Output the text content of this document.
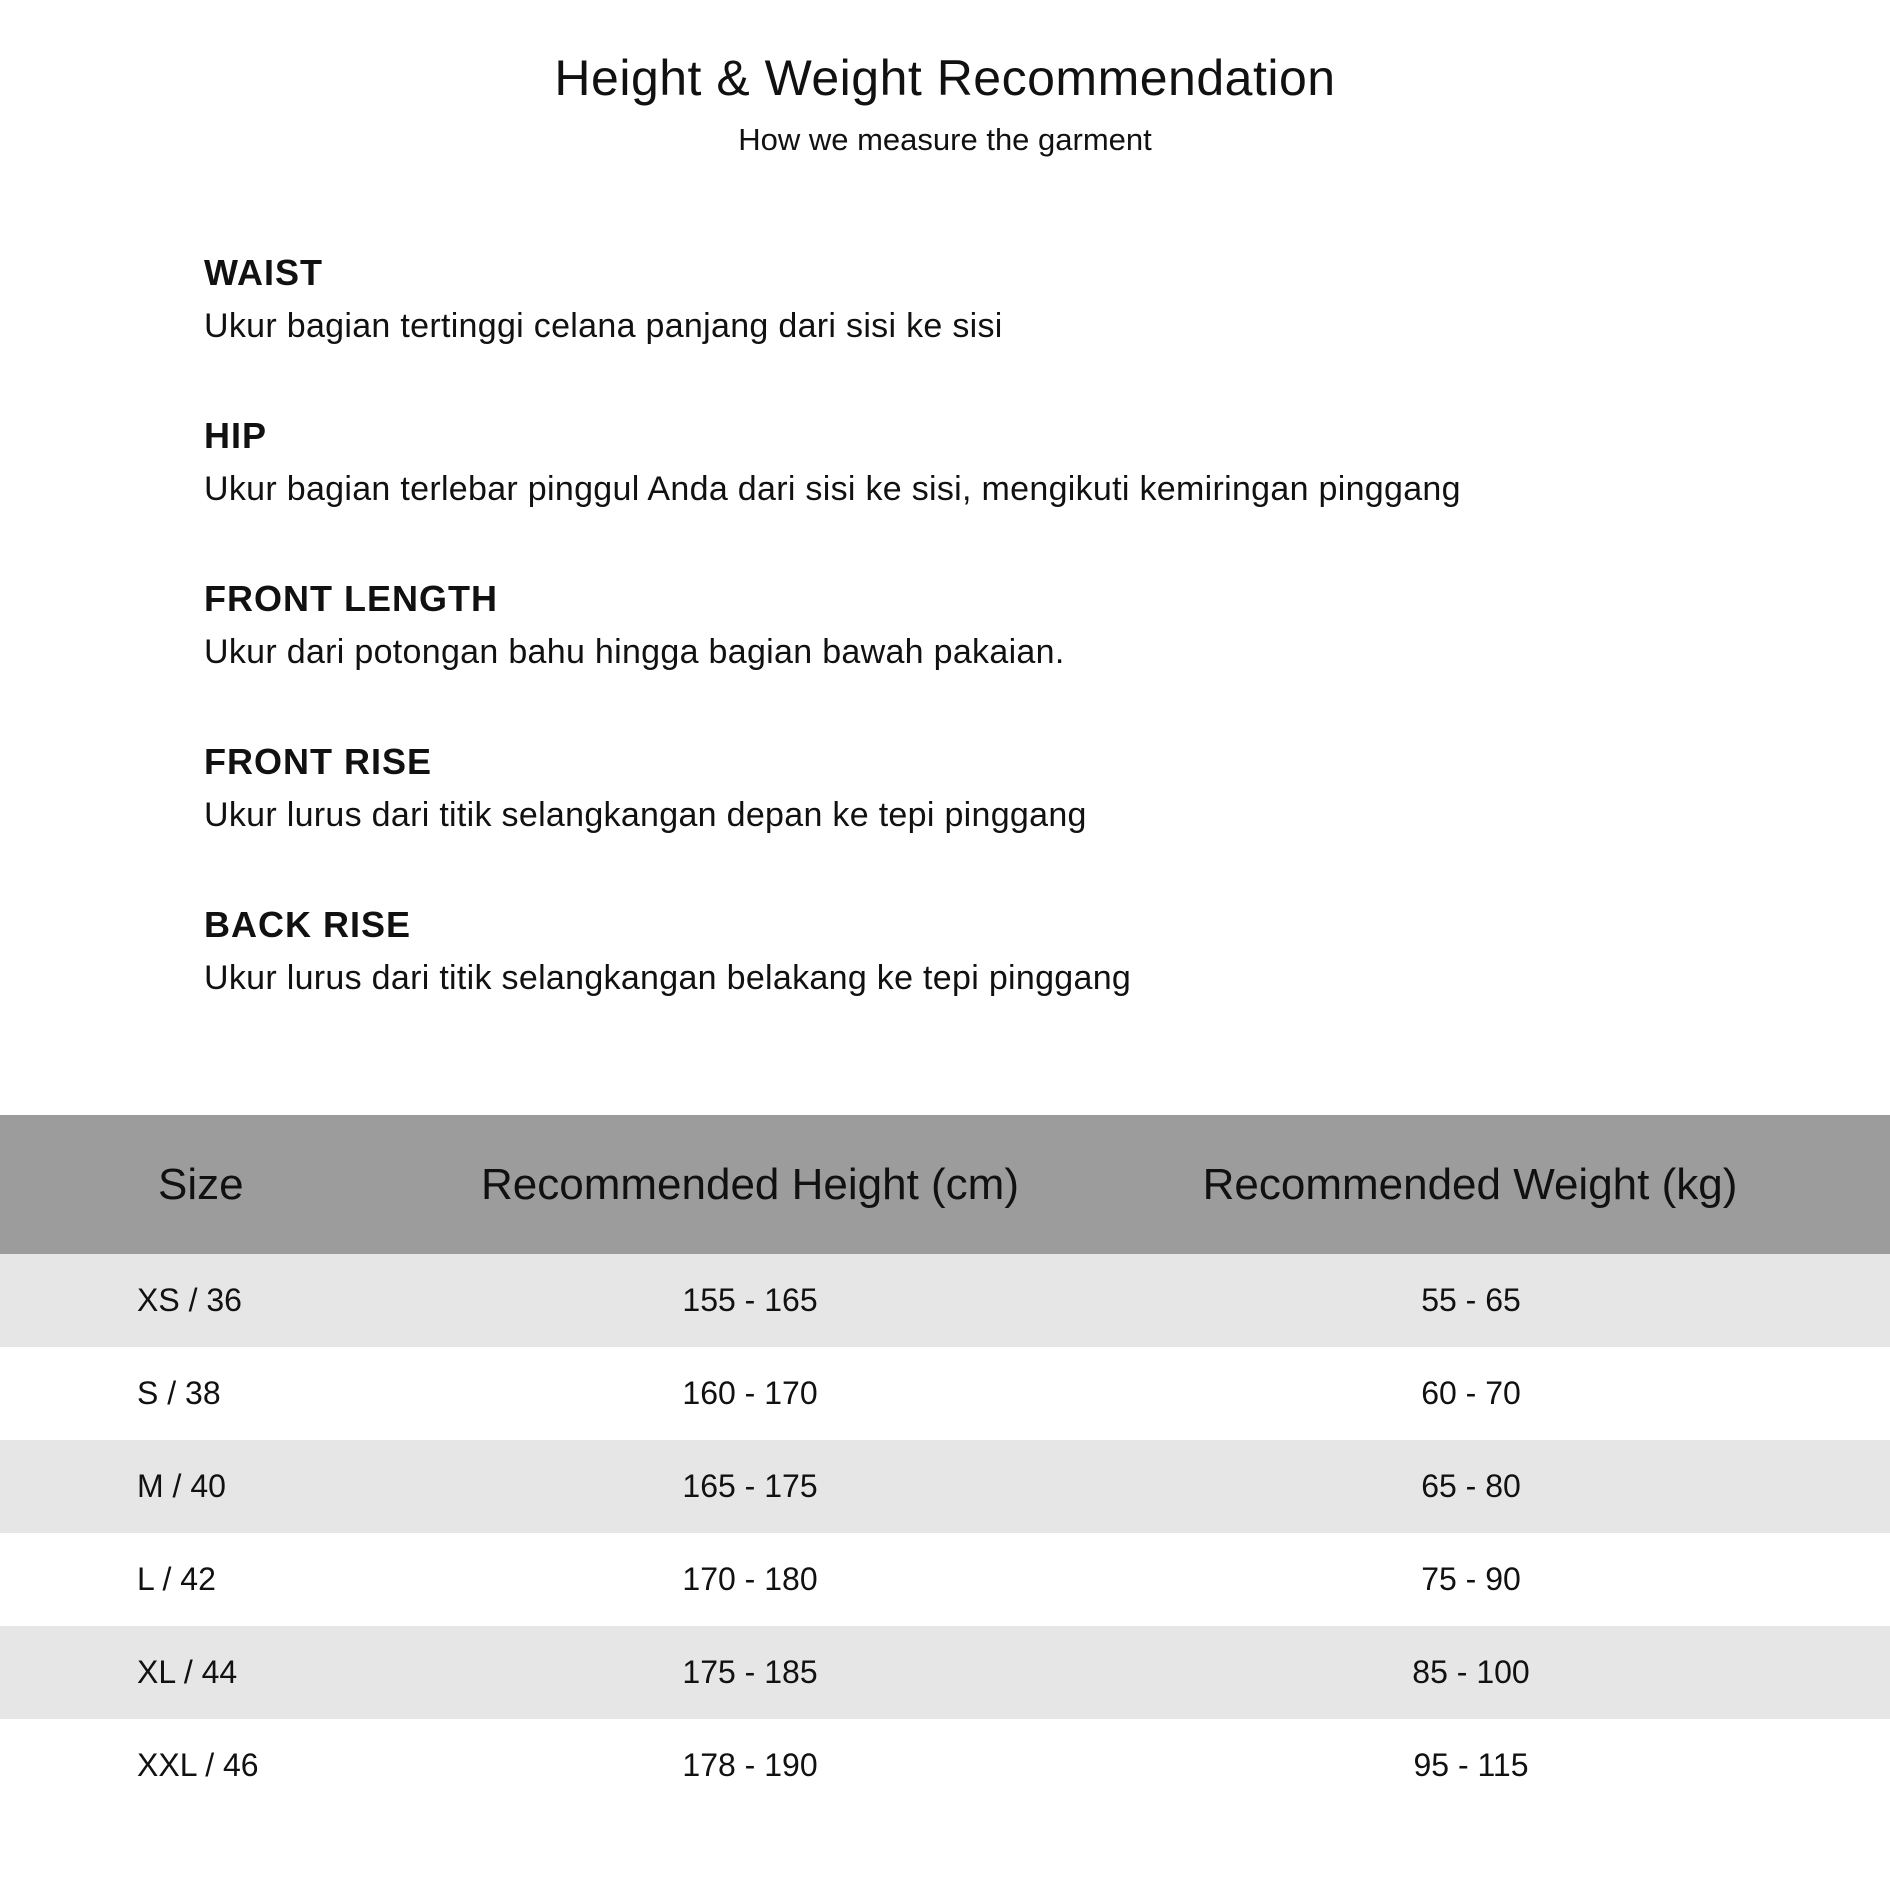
Height & Weight Recommendation

How we measure the garment

WAIST

Ukur bagian tertinggi celana panjang dari sisi ke sisi

HIP

Ukur bagian terlebar pinggul Anda dari sisi ke sisi, mengikuti kemiringan pinggang

FRONT LENGTH

Ukur dari potongan bahu hingga bagian bawah pakaian.

FRONT RISE

Ukur lurus dari titik selangkangan depan ke tepi pinggang

BACK RISE

Ukur lurus dari titik selangkangan belakang ke tepi pinggang

Size	Recommended Height (cm)	Recommended Weight (kg)
XS / 36	155 - 165	55 - 65
S / 38	160 - 170	60 - 70
M / 40	165 - 175	65 - 80
L / 42	170 - 180	75 - 90
XL / 44	175 - 185	85 - 100
XXL / 46	178 - 190	95 - 115
